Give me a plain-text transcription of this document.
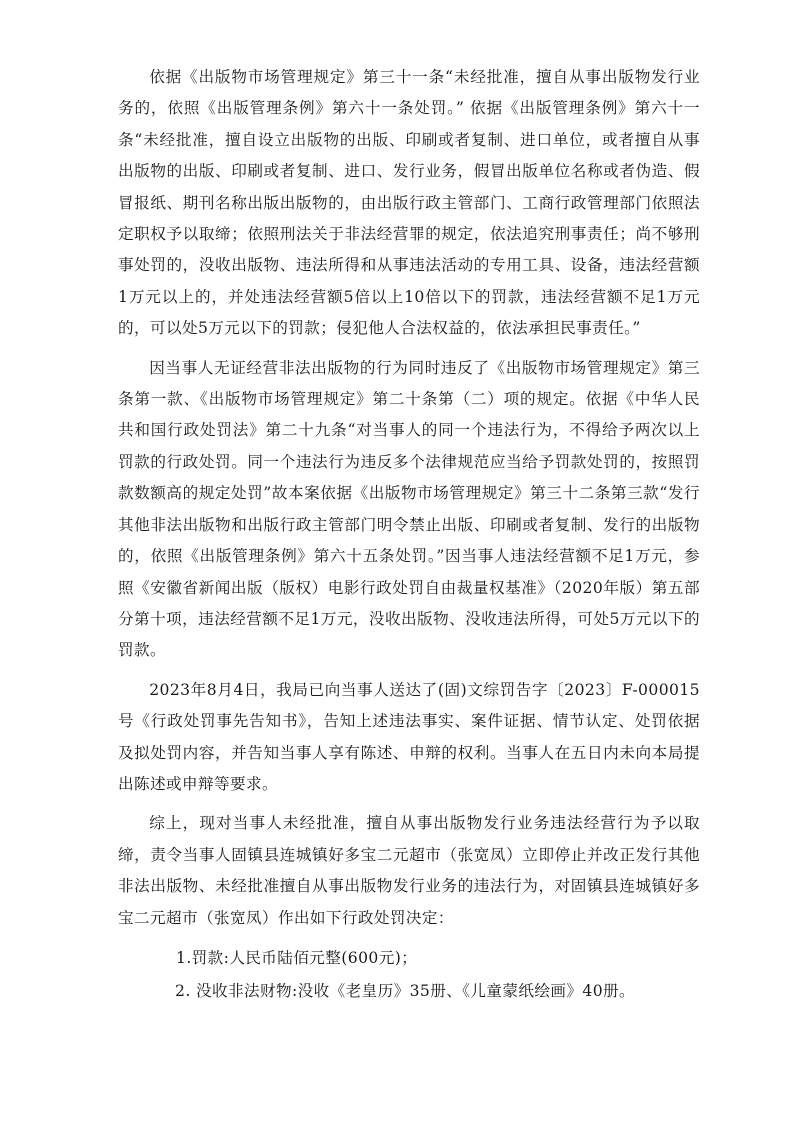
依据《出版物市场管理规定》第三十一条“未经批准，擅自从事出版物发行业务的，依照《出版管理条例》第六十一条处罚。” 依据《出版管理条例》第六十一条“未经批准，擅自设立出版物的出版、印刷或者复制、进口单位，或者擅自从事出版物的出版、印刷或者复制、进口、发行业务，假冒出版单位名称或者伪造、假冒报纸、期刊名称出版出版物的，由出版行政主管部门、工商行政管理部门依照法定职权予以取缔；依照刑法关于非法经营罪的规定，依法追究刑事责任；尚不够刑事处罚的，没收出版物、违法所得和从事违法活动的专用工具、设备，违法经营额1万元以上的，并处违法经营额5倍以上10倍以下的罚款，违法经营额不足1万元的，可以处5万元以下的罚款；侵犯他人合法权益的，依法承担民事责任。”

因当事人无证经营非法出版物的行为同时违反了《出版物市场管理规定》第三条第一款、《出版物市场管理规定》第二十条第（二）项的规定。依据《中华人民共和国行政处罚法》第二十九条“对当事人的同一个违法行为，不得给予两次以上罚款的行政处罚。同一个违法行为违反多个法律规范应当给予罚款处罚的，按照罚款数额高的规定处罚”故本案依据《出版物市场管理规定》第三十二条第三款“发行其他非法出版物和出版行政主管部门明令禁止出版、印刷或者复制、发行的出版物的，依照《出版管理条例》第六十五条处罚。”因当事人违法经营额不足1万元，参照《安徽省新闻出版（版权）电影行政处罚自由裁量权基准》（2020年版）第五部分第十项，违法经营额不足1万元，没收出版物、没收违法所得，可处5万元以下的罚款。

2023年8月4日，我局已向当事人送达了(固)文综罚告字〔2023〕F-000015号《行政处罚事先告知书》，告知上述违法事实、案件证据、情节认定、处罚依据及拟处罚内容，并告知当事人享有陈述、申辩的权利。当事人在五日内未向本局提出陈述或申辩等要求。

综上，现对当事人未经批准，擅自从事出版物发行业务违法经营行为予以取缔，责令当事人固镇县连城镇好多宝二元超市（张宽凤）立即停止并改正发行其他非法出版物、未经批准擅自从事出版物发行业务的违法行为，对固镇县连城镇好多宝二元超市（张宽凤）作出如下行政处罚决定：

1.罚款:人民币陆佰元整(600元)；

2. 没收非法财物:没收《老皇历》35册、《儿童蒙纸绘画》40册。
